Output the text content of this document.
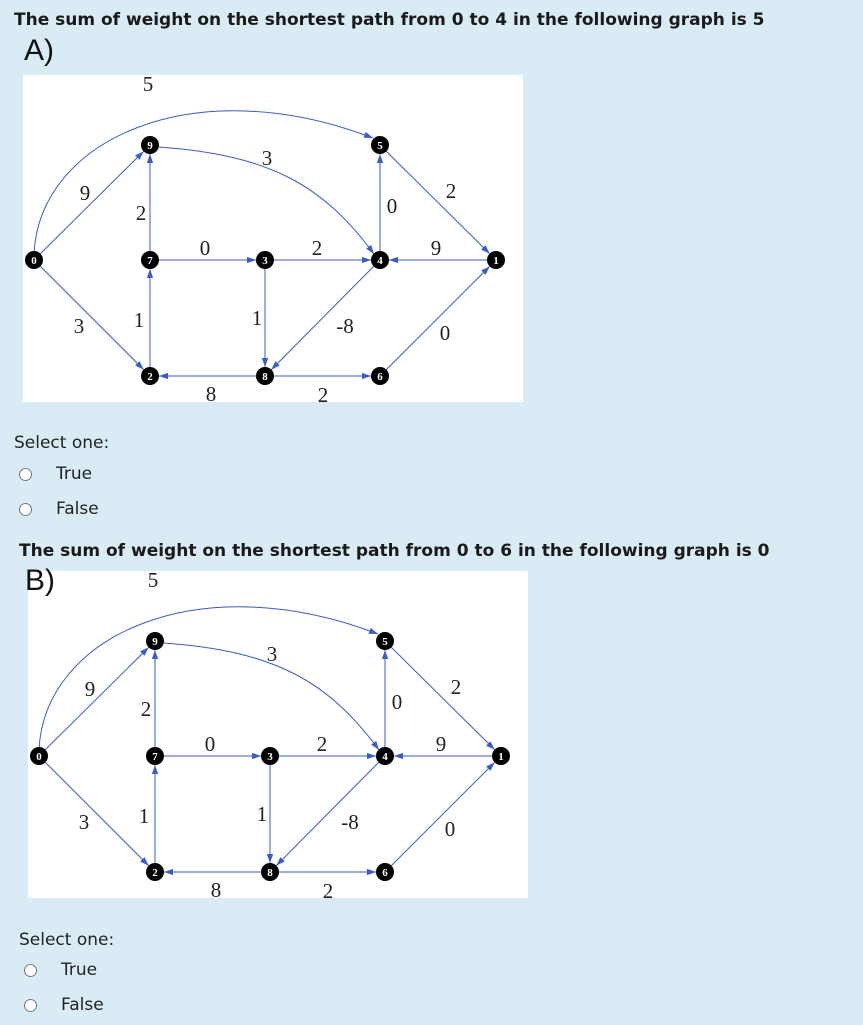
The sum of weight on the shortest path from 0 to 4 in the following graph is 5
A)
0
9
7
2
3
8
5
4
6
1
5
3
9
2
0	2
0
2
9
3 1	1	-8	0
8	2
Select one:
True
False
The sum of weight on the shortest path from 0 to 6 in the following graph is 0
0
9
7
2
3
8
5
4
6
1
5
3
9
2
0	2
0
2
9
3 1	1	-8	0
8	2
B)
Select one:
True
False
